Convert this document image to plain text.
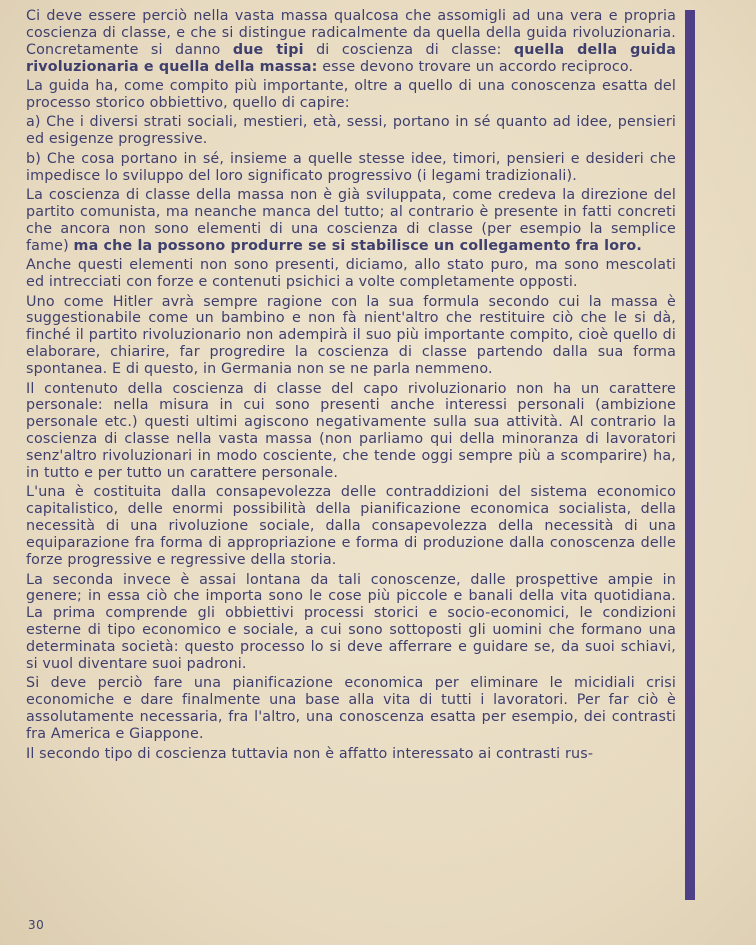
Ci deve essere perciò nella vasta massa qualcosa che assomigli ad una vera e propria coscienza di classe, e che si distingue radicalmente da quella della guida rivoluzionaria. Concretamente si danno due tipi di coscienza di classe: quella della guida rivoluzionaria e quella della massa: esse devono trovare un accordo reciproco.

La guida ha, come compito più importante, oltre a quello di una conoscenza esatta del processo storico obbiettivo, quello di capire:

a) Che i diversi strati sociali, mestieri, età, sessi, portano in sé quanto ad idee, pensieri ed esigenze progressive.

b) Che cosa portano in sé, insieme a quelle stesse idee, timori, pensieri e desideri che impedisce lo sviluppo del loro significato progressivo (i legami tradizionali).

La coscienza di classe della massa non è già sviluppata, come credeva la direzione del partito comunista, ma neanche manca del tutto; al contrario è presente in fatti concreti che ancora non sono elementi di una coscienza di classe (per esempio la semplice fame) ma che la possono produrre se si stabilisce un collegamento fra loro.

Anche questi elementi non sono presenti, diciamo, allo stato puro, ma sono mescolati ed intrecciati con forze e contenuti psichici a volte completamente opposti.

Uno come Hitler avrà sempre ragione con la sua formula secondo cui la massa è suggestionabile come un bambino e non fà nient'altro che restituire ciò che le si dà, finché il partito rivoluzionario non adempirà il suo più importante compito, cioè quello di elaborare, chiarire, far progredire la coscienza di classe partendo dalla sua forma spontanea. E di questo, in Germania non se ne parla nemmeno.

Il contenuto della coscienza di classe del capo rivoluzionario non ha un carattere personale: nella misura in cui sono presenti anche interessi personali (ambizione personale etc.) questi ultimi agiscono negativamente sulla sua attività. Al contrario la coscienza di classe nella vasta massa (non parliamo qui della minoranza di lavoratori senz'altro rivoluzionari in modo cosciente, che tende oggi sempre più a scomparire) ha, in tutto e per tutto un carattere personale.

L'una è costituita dalla consapevolezza delle contraddizioni del sistema economico capitalistico, delle enormi possibilità della pianificazione economica socialista, della necessità di una rivoluzione sociale, dalla consapevolezza della necessità di una equiparazione fra forma di appropriazione e forma di produzione dalla conoscenza delle forze progressive e regressive della storia.

La seconda invece è assai lontana da tali conoscenze, dalle prospettive ampie in genere; in essa ciò che importa sono le cose più piccole e banali della vita quotidiana. La prima comprende gli obbiettivi processi storici e socio-economici, le condizioni esterne di tipo economico e sociale, a cui sono sottoposti gli uomini che formano una determinata società: questo processo lo si deve afferrare e guidare se, da suoi schiavi, si vuol diventare suoi padroni.

Si deve perciò fare una pianificazione economica per eliminare le micidiali crisi economiche e dare finalmente una base alla vita di tutti i lavoratori. Per far ciò è assolutamente necessaria, fra l'altro, una conoscenza esatta per esempio, dei contrasti fra America e Giappone.

Il secondo tipo di coscienza tuttavia non è affatto interessato ai contrasti rus-

30
